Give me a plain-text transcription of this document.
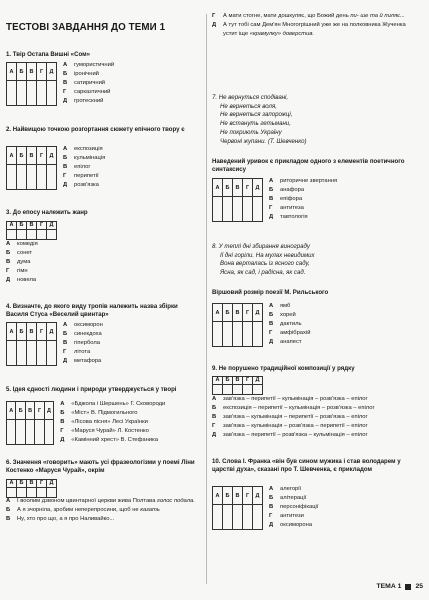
ТЕСТОВІ ЗАВДАННЯ ДО ТЕМИ 1
1. Твір Остапа Вишні «Сом»
А	Б	В	Г	Д

А	гумористичний
Б	іронічний
В	сатиричний
Г	сарказтичний
Д	гротескний
2. Найвищою точкою розгортання сюжету епічного твору є
А	Б	В	Г	Д

А	експозиція
Б	кульмінація
В	епілог
Г	перипетії
Д	розв'язка
3. До епосу належить жанр
А	Б	В	Г	Д

А	комедія
Б	сонет
В	дума
Г	гімн
Д	новела
4. Визначте, до якого виду тропів належить назва збірки Василя Стуса «Веселий цвинтар»
А	Б	В	Г	Д

А	оксиморон
Б	синекдоха
В	гіпербола
Г	літота
Д	метафора
5. Ідея єдності людини і природи утверджується у творі
А	Б	В	Г	Д

А	«Бджола і Шершень» Г. Сковороди
Б	«Міст» В. Підмогильного
В	«Лісова пісня» Лесі Українки
Г	«Маруся Чурай» Л. Костенко
Д	«Камінний хрест» В. Стефаника
6. Значення «говорить» мають усі фразеологізми у поемі Ліни Костенко «Маруся Чурай», окрім
А	Б	В	Г	Д

А	І воолим дзвоном цвинтарної церкви жива Полтава голос подала.
Б	А я зчорніла, зробим неперепросини, щоб не казать
В	Ну, хто про що, а я про Наливайко...
Г	А мати стогне, мати дошкуляє, що Божий день пи- ше та й пиляє...
Д	А тут тобі сам Дем'ян Многогрішний уже же на полковника Жученка устит іще «крамулку» доверстив.
7. Не вернуться сподівані,
Не вернеться воля,
Не вернеться запорожці,
Не встануть гетьмани,
Не покриють Україну
Червоні жупани. (Т. Шевченко)
Наведений уривок є прикладом одного з елементів поетичного синтаксису
А	Б	В	Г	Д

А	риторичне звертання
Б	анафора
В	епіфора
Г	антитеза
Д	тавтологія
8. У теплі дні збирання винограду
Ії дні горіли. На мулах невидимих
Вона верталась із ясного саду,
Ясна, як сад, і радісна, як сад.
Віршовий розмір поезії М. Рильського
А	Б	В	Г	Д

А	ямб
Б	хорей
В	дактиль
Г	амфібрахій
Д	анапест
9. Не порушено традиційної композиції у рядку
А	Б	В	Г	Д

А	зав'язка – перипетії – кульмінація – розв'язка – епілог
Б	експозиція – перипетії – кульмінація – розв'язка – епілог
В	зав'язка – кульмінація – перипетії – розв'язка – епілог
Г	зав'язка – кульмінація – розв'язка – перипетії – епілог
Д	зав'язка – перипетії – розв'язка – кульмінація – епілог
10. Слова І. Франка «він був сином мужика і став володарем у царстві духа», сказані про Т. Шевченка, є прикладом
А	Б	В	Г	Д

А	алегорії
Б	алітерації
В	персоніфікації
Г	антитези
Д	оксиморона
ТЕМА 1 25
